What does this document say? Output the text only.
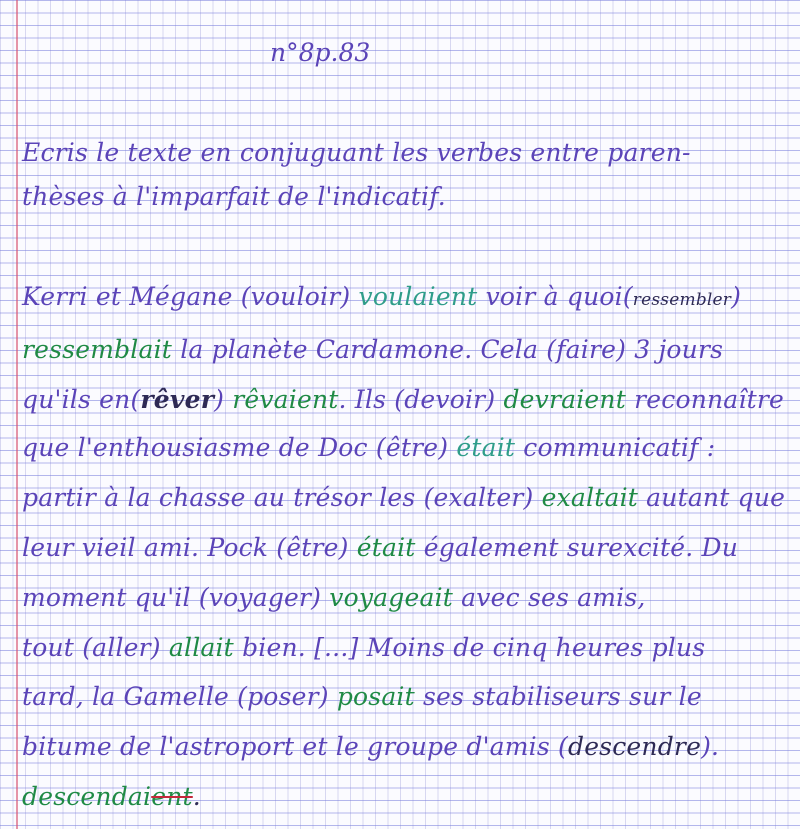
n°8p.83
Ecris le texte en conjuguant les verbes entre paren-
thèses à l'imparfait de l'indicatif.
Kerri et Mégane (vouloir) voulaient voir à quoi(ressembler)
ressemblait la planète Cardamone. Cela (faire) 3 jours
qu'ils en(rêver) rêvaient. Ils (devoir) devraient reconnaître
que l'enthousiasme de Doc (être) était communicatif :
partir à la chasse au trésor les (exalter) exaltait autant que
leur vieil ami. Pock (être) était également surexcité. Du
moment qu'il (voyager) voyageait avec ses amis,
tout (aller) allait bien. [...] Moins de cinq heures plus
tard, la Gamelle (poser) posait ses stabiliseurs sur le
bitume de l'astroport et le groupe d'amis (descendre).
descendaient.
